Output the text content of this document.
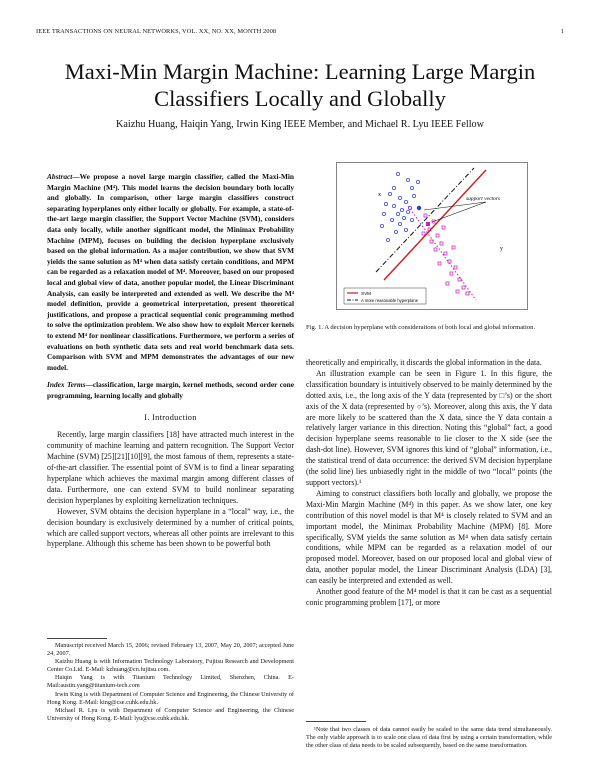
IEEE TRANSACTIONS ON NEURAL NETWORKS, VOL. XX, NO. XX, MONTH 2008	1
Maxi-Min Margin Machine: Learning Large Margin Classifiers Locally and Globally
Kaizhu Huang, Haiqin Yang, Irwin King IEEE Member, and Michael R. Lyu IEEE Fellow
Abstract—We propose a novel large margin classifier, called the Maxi-Min Margin Machine (M⁴). This model learns the decision boundary both locally and globally. In comparison, other large margin classifiers construct separating hyperplanes only either locally or globally. For example, a state-of-the-art large margin classifier, the Support Vector Machine (SVM), considers data only locally, while another significant model, the Minimax Probability Machine (MPM), focuses on building the decision hyperplane exclusively based on the global information. As a major contribution, we show that SVM yields the same solution as M⁴ when data satisfy certain conditions, and MPM can be regarded as a relaxation model of M⁴. Moreover, based on our proposed local and global view of data, another popular model, the Linear Discriminant Analysis, can easily be interpreted and extended as well. We describe the M⁴ model definition, provide a geometrical interpretation, present theoretical justifications, and propose a practical sequential conic programming method to solve the optimization problem. We also show how to exploit Mercer kernels to extend M⁴ for nonlinear classifications. Furthermore, we perform a series of evaluations on both synthetic data sets and real world benchmark data sets. Comparison with SVM and MPM demonstrates the advantages of our new model.
Index Terms—classification, large margin, kernel methods, second order cone programming, learning locally and globally
I. Introduction

Recently, large margin classifiers [18] have attracted much interest in the community of machine learning and pattern recognition. The Support Vector Machine (SVM) [25][21][10][9], the most famous of them, represents a state-of-the-art classifier. The essential point of SVM is to find a linear separating hyperplane which achieves the maximal margin among different classes of data. Furthermore, one can extend SVM to build nonlinear separating decision hyperplanes by exploiting kernelization techniques.

However, SVM obtains the decision hyperplane in a “local” way, i.e., the decision boundary is exclusively determined by a number of critical points, which are called support vectors, whereas all other points are irrelevant to this hyperplane. Although this scheme has been shown to be powerful both

Manuscript received March 15, 2006; revised February 13, 2007, May 20, 2007; accepted June 24, 2007.
Kaizhu Huang is with Information Technology Laboratory, Fujitsu Research and Development Center Co.Ltd. E-Mail: kzhuang@cn.fujitsu.com.
Haiqin Yang is with Titanium Technology Limited, Shenzhen, China. E-Mail:austin.yang@titanium-tech.com
Irwin King is with Department of Computer Science and Engineering, the Chinese University of Hong Kong. E-Mail: king@cse.cuhk.edu.hk.
Michael R. Lyu is with Department of Computer Science and Engineering, the Chinese University of Hong Kong. E-Mail: lyu@cse.cuhk.edu.hk.
support vectors
x
y
SVM
A more reasonable hyperplane

Fig. 1. A decision hyperplane with considerations of both local and global information.

theoretically and empirically, it discards the global information in the data.

An illustration example can be seen in Figure 1. In this figure, the classification boundary is intuitively observed to be mainly determined by the dotted axis, i.e., the long axis of the Y data (represented by □’s) or the short axis of the X data (represented by ○’s). Moreover, along this axis, the Y data are more likely to be scattered than the X data, since the Y data contain a relatively larger variance in this direction. Noting this “global” fact, a good decision hyperplane seems reasonable to lie closer to the X side (see the dash-dot line). However, SVM ignores this kind of “global” information, i.e., the statistical trend of data occurrence: the derived SVM decision hyperplane (the solid line) lies unbiasedly right in the middle of two “local” points (the support vectors).¹

Aiming to construct classifiers both locally and globally, we propose the Maxi-Min Margin Machine (M⁴) in this paper. As we show later, one key contribution of this novel model is that M⁴ is closely related to SVM and an important model, the Minimax Probability Machine (MPM) [8]. More specifically, SVM yields the same solution as M⁴ when data satisfy certain conditions, while MPM can be regarded as a relaxation model of our proposed model. Moreover, based on our proposed local and global view of data, another popular model, the Linear Discriminant Analysis (LDA) [3], can easily be interpreted and extended as well.

Another good feature of the M⁴ model is that it can be cast as a sequential conic programming problem [17], or more

¹Note that two classes of data cannot easily be scaled to the same data trend simultaneously. The only viable approach is to scale one class of data first by using a certain transformation, while the other class of data needs to be scaled subsequently, based on the same transformation.
